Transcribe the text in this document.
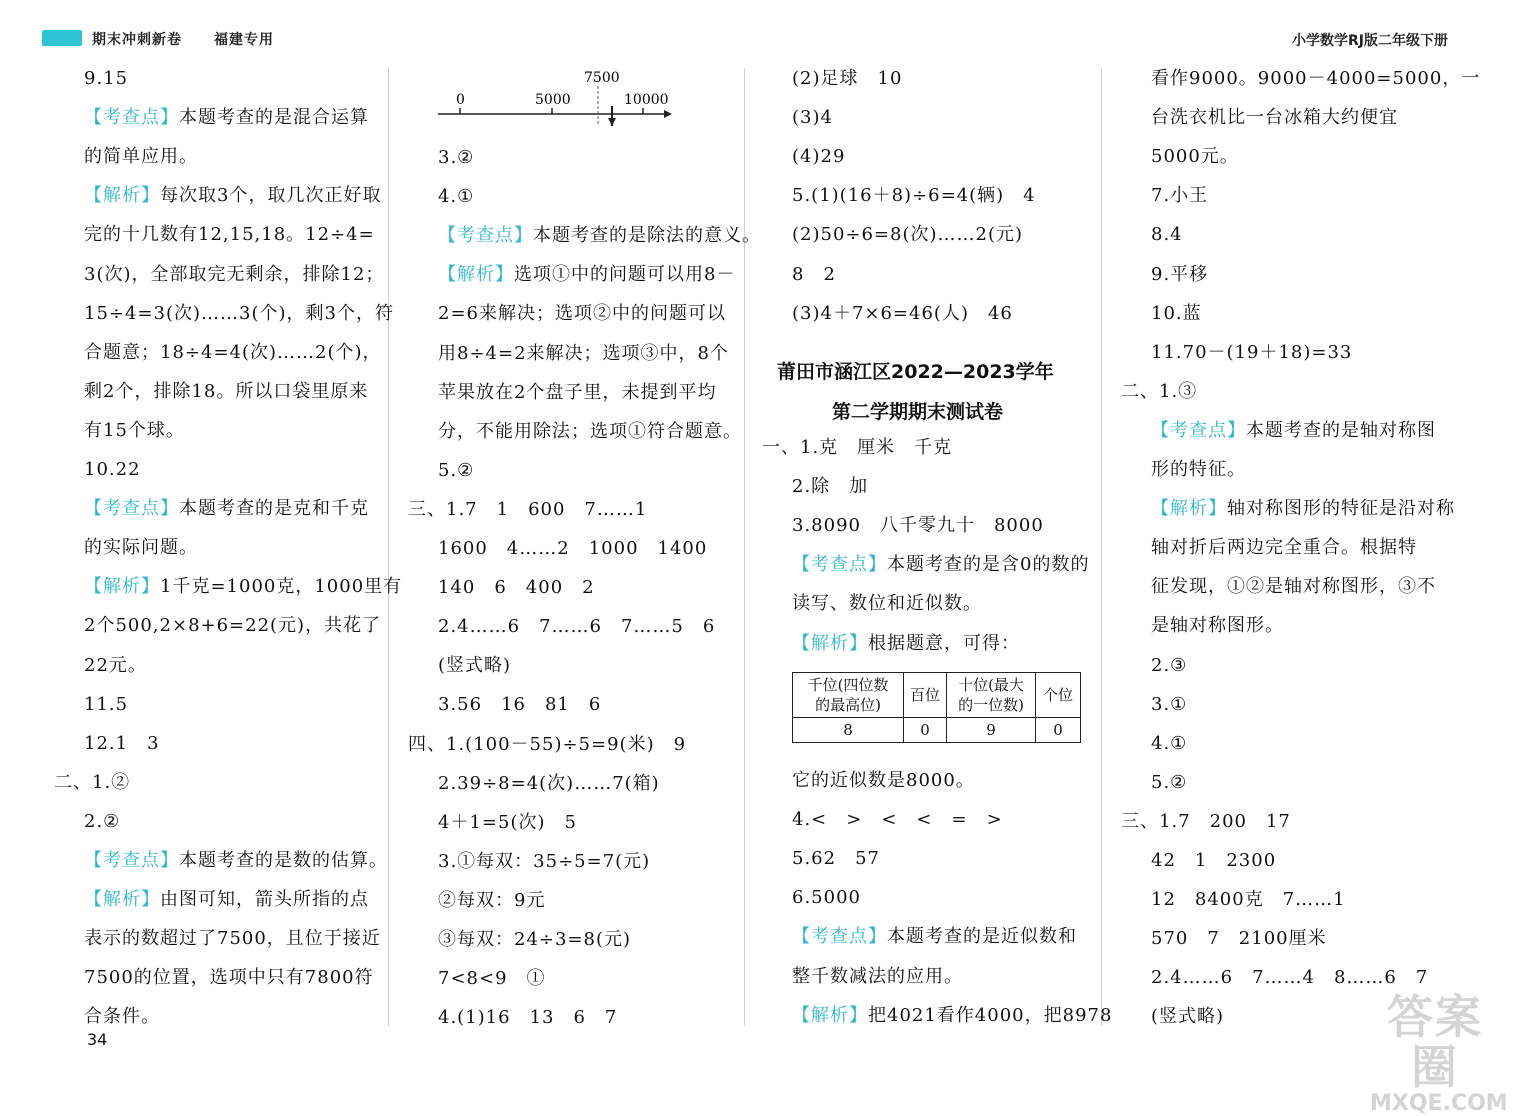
期末冲刺新卷 福建专用	小学数学RJ版二年级下册
7500
0	5000	10000
9.15
【考查点】本题考查的是混合运算
的简单应用。
【解析】每次取3个，取几次正好取
完的十几数有12,15,18。12÷4=
3(次)，全部取完无剩余，排除12；
15÷4=3(次)……3(个)，剩3个，符
合题意；18÷4=4(次)……2(个)，
剩2个，排除18。所以口袋里原来
有15个球。
10.22
【考查点】本题考查的是克和千克
的实际问题。
【解析】1千克=1000克，1000里有
2个500,2×8+6=22(元)，共花了
22元。
11.5
12.1　3
二、1.②
2.②
【考查点】本题考查的是数的估算。
【解析】由图可知，箭头所指的点
表示的数超过了7500，且位于接近
7500的位置，选项中只有7800符
合条件。
3.②
4.①
【考查点】本题考查的是除法的意义。
【解析】选项①中的问题可以用8－
2=6来解决；选项②中的问题可以
用8÷4=2来解决；选项③中，8个
苹果放在2个盘子里，未提到平均
分，不能用除法；选项①符合题意。
5.②
三、1.7　1　600　7……1
1600　4……2　1000　1400
140　6　400　2
2.4……6　7……6　7……5　6
(竖式略)
3.56　16　81　6
四、1.(100－55)÷5=9(米)　9
2.39÷8=4(次)……7(箱)
4＋1=5(次)　5
3.①每双：35÷5=7(元)
②每双：9元
③每双：24÷3=8(元)
7<8<9　①
4.(1)16　13　6　7
(2)足球　10
(3)4
(4)29
5.(1)(16＋8)÷6=4(辆)　4
(2)50÷6=8(次)……2(元)
8　2
(3)4＋7×6=46(人)　46
一、1.克　厘米　千克
2.除　加
3.8090　八千零九十　8000
【考查点】本题考查的是含0的数的
读写、数位和近似数。
【解析】根据题意，可得：
它的近似数是8000。
4.<　>　<　<　=　>
5.62　57
6.5000
【考查点】本题考查的是近似数和
整千数减法的应用。
【解析】把4021看作4000，把8978
看作9000。9000－4000=5000，一
台洗衣机比一台冰箱大约便宜
5000元。
7.小王
8.4
9.平移
10.蓝
11.70－(19＋18)=33
二、1.③
【考查点】本题考查的是轴对称图
形的特征。
【解析】轴对称图形的特征是沿对称
轴对折后两边完全重合。根据特
征发现，①②是轴对称图形，③不
是轴对称图形。
2.③
3.①
4.①
5.②
三、1.7　200　17
42　1　2300
12　8400克　7……1
570　7　2100厘米
2.4……6　7……4　8……6　7
(竖式略)
莆田市涵江区2022—2023学年
第二学期期末测试卷
千位(四位数
的最高位)	百位	十位(最大
的一位数)	个位
8	0	9	0
34	答案圈
MXQE.COM
